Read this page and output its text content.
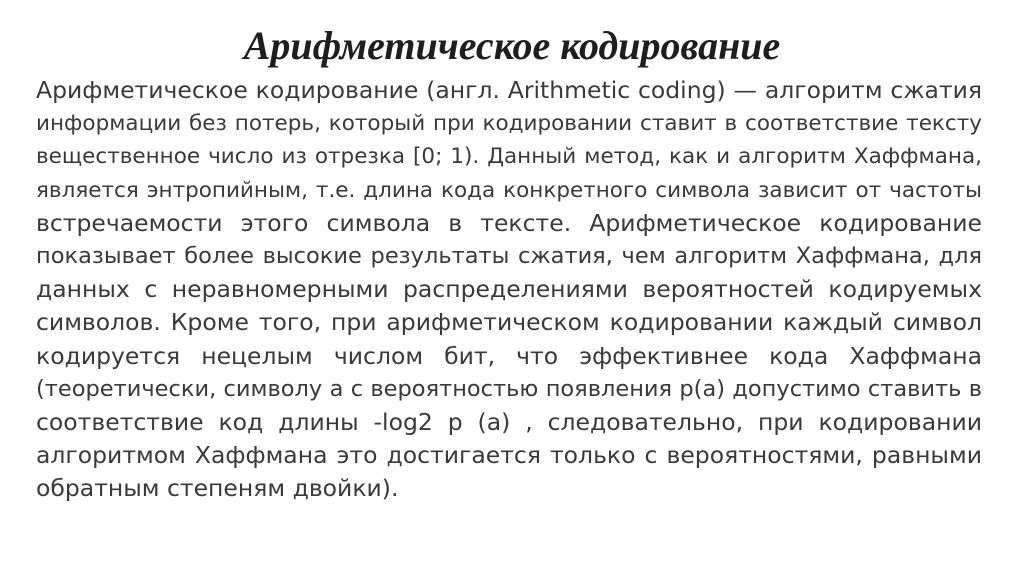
Арифметическое кодирование
Арифметическое кодирование (англ. Arithmetic coding) — алгоритм сжатия
информации без потерь, который при кодировании ставит в соответствие тексту
вещественное число из отрезка [0; 1). Данный метод, как и алгоритм Хаффмана,
является энтропийным, т.е. длина кода конкретного символа зависит от частоты
встречаемости этого символа в тексте. Арифметическое кодирование
показывает более высокие результаты сжатия, чем алгоритм Хаффмана, для
данных с неравномерными распределениями вероятностей кодируемых
символов. Кроме того, при арифметическом кодировании каждый символ
кодируется нецелым числом бит, что эффективнее кода Хаффмана
(теоретически, символу a с вероятностью появления p(a) допустимо ставить в
соответствие код длины -log2 p (a) , следовательно, при кодировании
алгоритмом Хаффмана это достигается только с вероятностями, равными
обратным степеням двойки).
